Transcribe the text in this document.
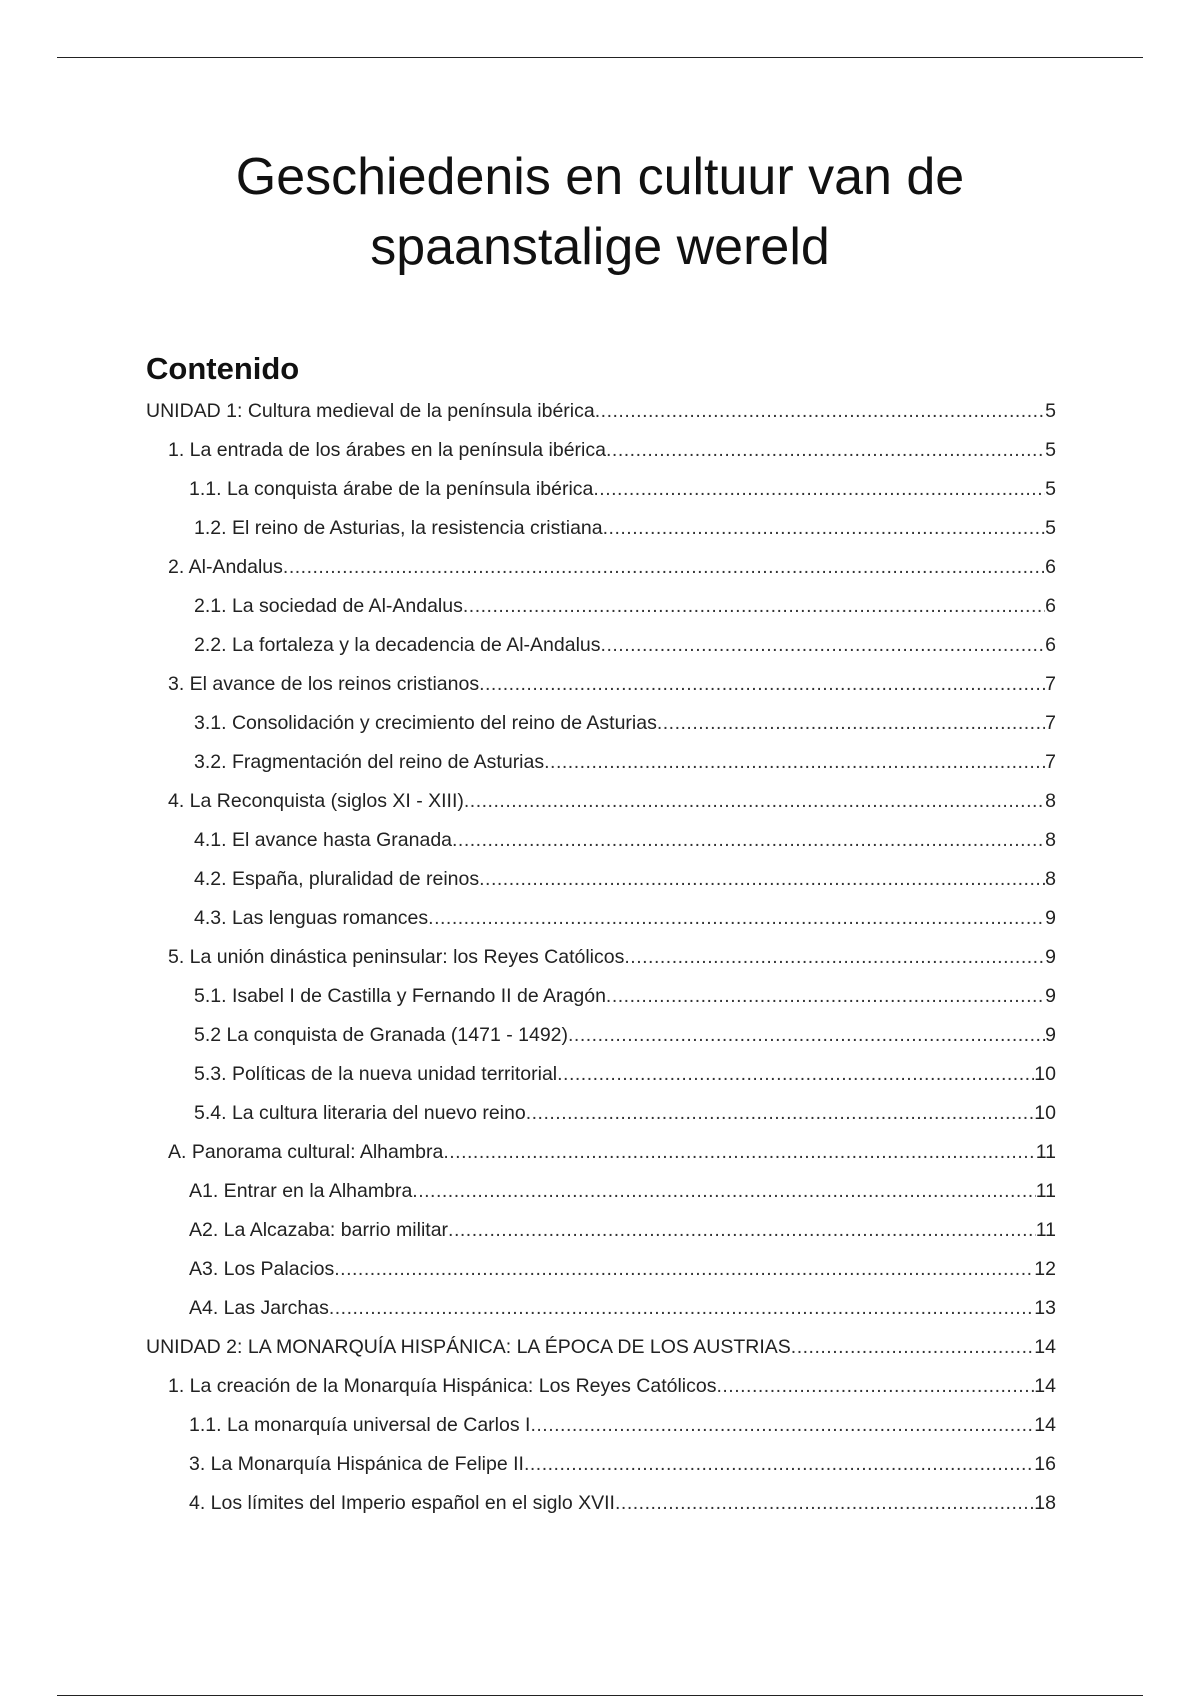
Geschiedenis en cultuur van de
spaanstalige wereld
Contenido
UNIDAD 1: Cultura medieval de la península ibérica .....	5
1. La entrada de los árabes en la península ibérica .....	5
1.1. La conquista árabe de la península ibérica .....	5
1.2. El reino de Asturias, la resistencia cristiana .....	5
2. Al-Andalus .....	6
2.1. La sociedad de Al-Andalus .....	6
2.2. La fortaleza y la decadencia de Al-Andalus .....	6
3. El avance de los reinos cristianos .....	7
3.1. Consolidación y crecimiento del reino de Asturias .....	7
3.2. Fragmentación del reino de Asturias .....	7
4. La Reconquista (siglos XI - XIII) .....	8
4.1. El avance hasta Granada .....	8
4.2. España, pluralidad de reinos .....	8
4.3. Las lenguas romances .....	9
5. La unión dinástica peninsular: los Reyes Católicos .....	9
5.1. Isabel I de Castilla y Fernando II de Aragón .....	9
5.2 La conquista de Granada (1471 - 1492) .....	9
5.3. Políticas de la nueva unidad territorial .....	10
5.4. La cultura literaria del nuevo reino .....	10
A. Panorama cultural: Alhambra .....	11
A1. Entrar en la Alhambra .....	11
A2. La Alcazaba: barrio militar .....	11
A3. Los Palacios .....	12
A4. Las Jarchas .....	13
UNIDAD 2: LA MONARQUÍA HISPÁNICA: LA ÉPOCA DE LOS AUSTRIAS .....	14
1. La creación de la Monarquía Hispánica: Los Reyes Católicos .....	14
1.1. La monarquía universal de Carlos I .....	14
3. La Monarquía Hispánica de Felipe II .....	16
4. Los límites del Imperio español en el siglo XVII .....	18
